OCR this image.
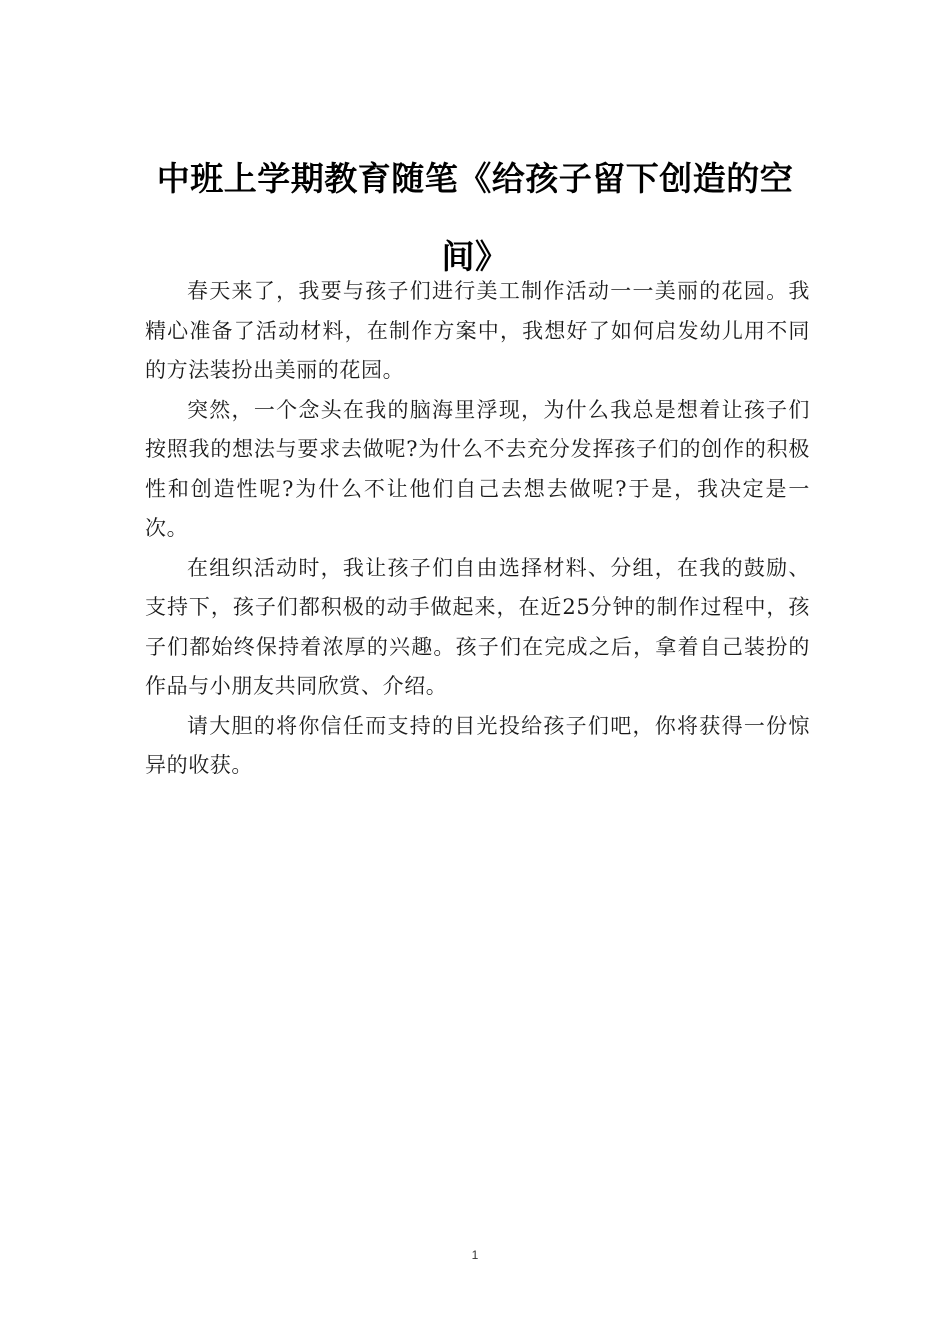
中班上学期教育随笔《给孩子留下创造的空间》

春天来了，我要与孩子们进行美工制作活动一一美丽的花园。我精心准备了活动材料，在制作方案中，我想好了如何启发幼儿用不同的方法装扮出美丽的花园。

突然，一个念头在我的脑海里浮现，为什么我总是想着让孩子们按照我的想法与要求去做呢?为什么不去充分发挥孩子们的创作的积极性和创造性呢?为什么不让他们自己去想去做呢?于是，我决定是一次。

在组织活动时，我让孩子们自由选择材料、分组，在我的鼓励、支持下，孩子们都积极的动手做起来，在近25分钟的制作过程中，孩子们都始终保持着浓厚的兴趣。孩子们在完成之后，拿着自己装扮的作品与小朋友共同欣赏、介绍。

请大胆的将你信任而支持的目光投给孩子们吧，你将获得一份惊异的收获。

1
